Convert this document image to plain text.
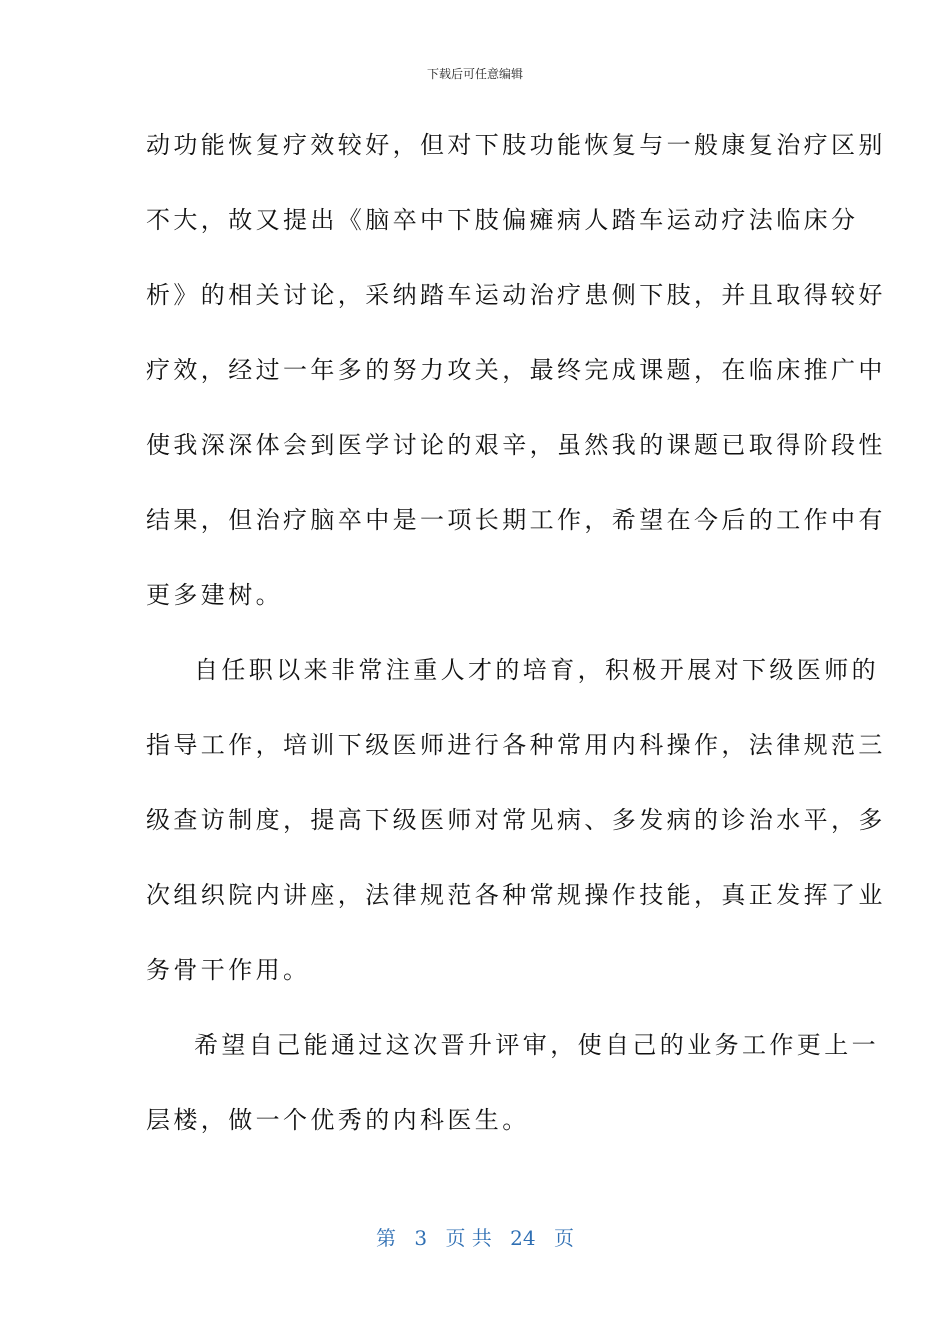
下载后可任意编辑
动功能恢复疗效较好，但对下肢功能恢复与一般康复治疗区别
不大，故又提出《脑卒中下肢偏瘫病人踏车运动疗法临床分
析》的相关讨论，采纳踏车运动治疗患侧下肢，并且取得较好
疗效，经过一年多的努力攻关，最终完成课题，在临床推广中
使我深深体会到医学讨论的艰辛，虽然我的课题已取得阶段性
结果，但治疗脑卒中是一项长期工作，希望在今后的工作中有
更多建树。
自任职以来非常注重人才的培育，积极开展对下级医师的
指导工作，培训下级医师进行各种常用内科操作，法律规范三
级查访制度，提高下级医师对常见病、多发病的诊治水平，多
次组织院内讲座，法律规范各种常规操作技能，真正发挥了业
务骨干作用。
希望自己能通过这次晋升评审，使自己的业务工作更上一
层楼，做一个优秀的内科医生。
第 3 页 共 24 页
